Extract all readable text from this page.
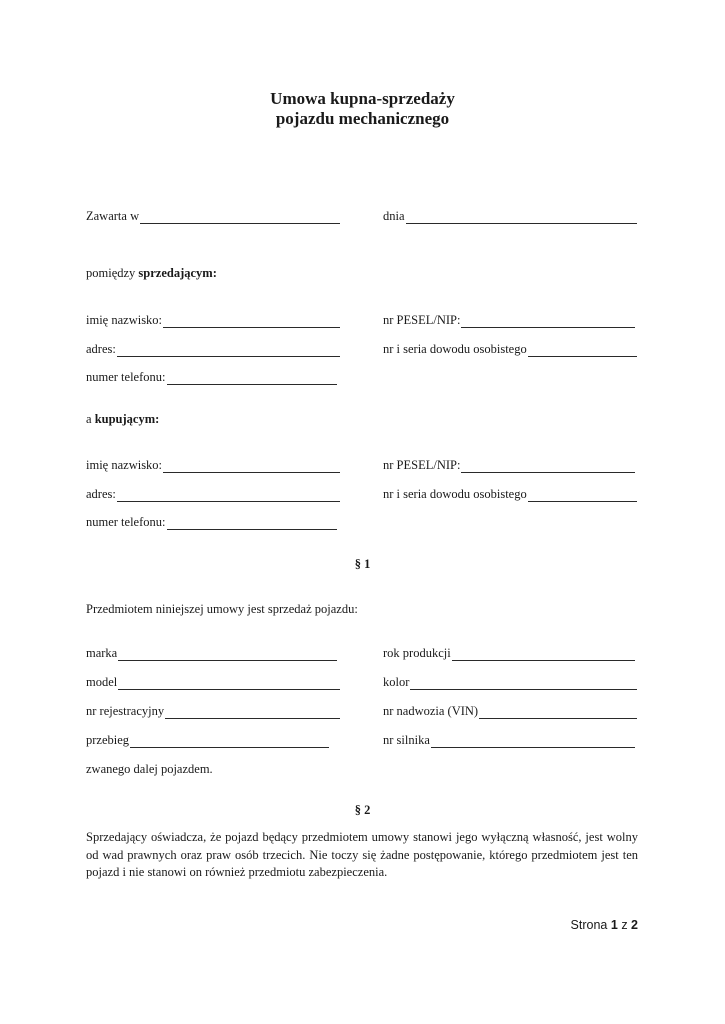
Umowa kupna-sprzedaży
pojazdu mechanicznego
Zawarta w	dnia
pomiędzy sprzedającym:
imię nazwisko:	nr PESEL/NIP:
adres:	nr i seria dowodu osobistego
numer telefonu:
a kupującym:
imię nazwisko:	nr PESEL/NIP:
adres:	nr i seria dowodu osobistego
numer telefonu:
§ 1
Przedmiotem niniejszej umowy jest sprzedaż pojazdu:
marka	rok produkcji
model	kolor
nr rejestracyjny	nr nadwozia (VIN)
przebieg	nr silnika
zwanego dalej pojazdem.
§ 2
Sprzedający oświadcza, że pojazd będący przedmiotem umowy stanowi jego wyłączną własność, jest wolny od wad prawnych oraz praw osób trzecich. Nie toczy się żadne postępowanie, którego przedmiotem jest ten pojazd i nie stanowi on również przedmiotu zabezpieczenia.
Strona 1 z 2
